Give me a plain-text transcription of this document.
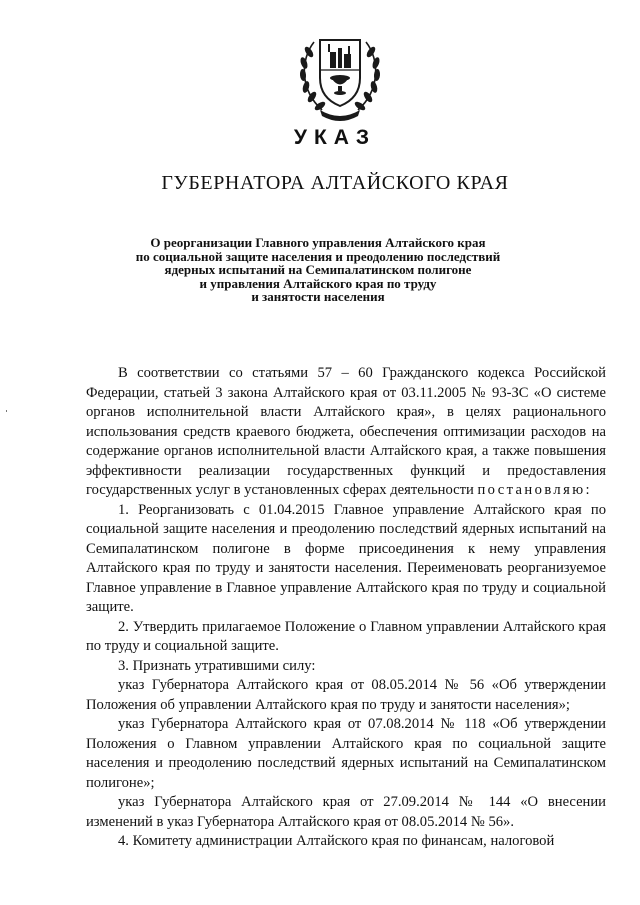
УКАЗ
ГУБЕРНАТОРА АЛТАЙСКОГО КРАЯ
О реорганизации Главного управления Алтайского края
по социальной защите населения и преодолению последствий
ядерных испытаний на Семипалатинском полигоне
и управления Алтайского края по труду
и занятости населения

В соответствии со статьями 57 – 60 Гражданского кодекса Российской Федерации, статьей 3 закона Алтайского края от 03.11.2005 № 93-ЗС «О системе органов исполнительной власти Алтайского края», в целях рационального использования средств краевого бюджета, обеспечения оптимизации расходов на содержание органов исполнительной власти Алтайского края, а также повышения эффективности реализации государственных функций и предоставления государственных услуг в установленных сферах деятельности постановляю:

1. Реорганизовать с 01.04.2015 Главное управление Алтайского края по социальной защите населения и преодолению последствий ядерных испытаний на Семипалатинском полигоне в форме присоединения к нему управления Алтайского края по труду и занятости населения. Переименовать реорганизуемое Главное управление в Главное управление Алтайского края по труду и социальной защите.

2. Утвердить прилагаемое Положение о Главном управлении Алтайского края по труду и социальной защите.

3. Признать утратившими силу:

указ Губернатора Алтайского края от 08.05.2014 № 56 «Об утверждении Положения об управлении Алтайского края по труду и занятости населения»;

указ Губернатора Алтайского края от 07.08.2014 № 118 «Об утверждении Положения о Главном управлении Алтайского края по социальной защите населения и преодолению последствий ядерных испытаний на Семипалатинском полигоне»;

указ Губернатора Алтайского края от 27.09.2014 № 144 «О внесении изменений в указ Губернатора Алтайского края от 08.05.2014 № 56».

4. Комитету администрации Алтайского края по финансам, налоговой
